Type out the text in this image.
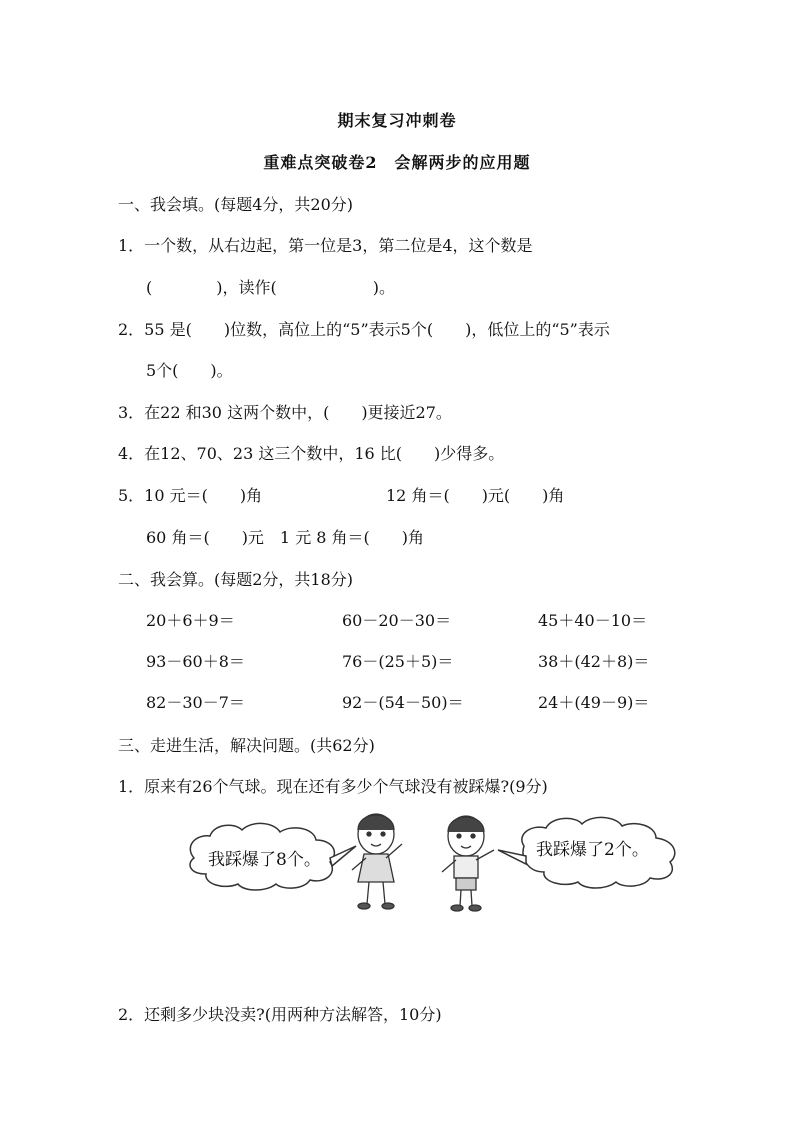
期末复习冲刺卷
重难点突破卷2　会解两步的应用题
一、我会填。(每题4分，共20分)
1．一个数，从右边起，第一位是3，第二位是4，这个数是
(　　　　)，读作(　　　　　　)。
2．55 是(　　)位数，高位上的“5”表示5个(　　)，低位上的“5”表示
5个(　　)。
3．在22 和30 这两个数中，(　　)更接近27。
4．在12、70、23 这三个数中，16 比(　　)少得多。
5．10 元＝(　　)角	12 角＝(　　)元(　　)角
60 角＝(　　)元　1 元 8 角＝(　　)角
二、我会算。(每题2分，共18分)
20＋6＋9＝	60－20－30＝	45＋40－10＝
93－60＋8＝	76－(25＋5)＝	38＋(42＋8)＝
82－30－7＝	92－(54－50)＝	24＋(49－9)＝
三、走进生活，解决问题。(共62分)
1．原来有26个气球。现在还有多少个气球没有被踩爆?(9分)
我踩爆了8个。	我踩爆了2个。
2．还剩多少块没卖?(用两种方法解答，10分)
